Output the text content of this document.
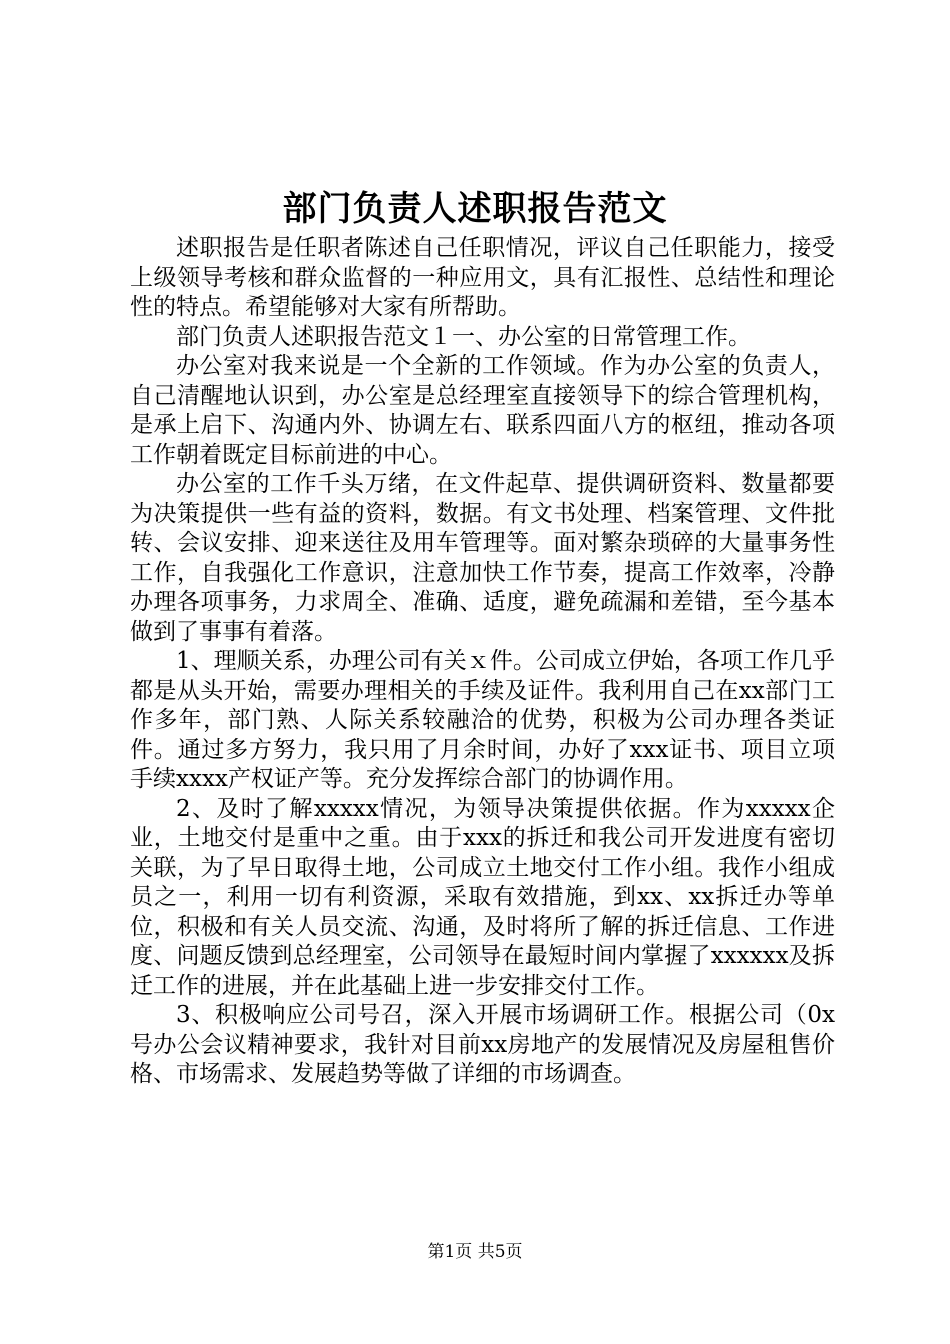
部门负责人述职报告范文

述职报告是任职者陈述自己任职情况，评议自己任职能力，接受上级领导考核和群众监督的一种应用文，具有汇报性、总结性和理论性的特点。希望能够对大家有所帮助。

部门负责人述职报告范文１一、办公室的日常管理工作。

办公室对我来说是一个全新的工作领域。作为办公室的负责人，自己清醒地认识到，办公室是总经理室直接领导下的综合管理机构，是承上启下、沟通内外、协调左右、联系四面八方的枢纽，推动各项工作朝着既定目标前进的中心。

办公室的工作千头万绪，在文件起草、提供调研资料、数量都要为决策提供一些有益的资料，数据。有文书处理、档案管理、文件批转、会议安排、迎来送往及用车管理等。面对繁杂琐碎的大量事务性工作，自我强化工作意识，注意加快工作节奏，提高工作效率，冷静办理各项事务，力求周全、准确、适度，避免疏漏和差错，至今基本做到了事事有着落。

1、理顺关系，办理公司有关ｘ件。公司成立伊始，各项工作几乎都是从头开始，需要办理相关的手续及证件。我利用自己在xx部门工作多年，部门熟、人际关系较融洽的优势，积极为公司办理各类证件。通过多方努力，我只用了月余时间，办好了xxx证书、项目立项手续xxxx产权证产等。充分发挥综合部门的协调作用。

2、及时了解xxxxx情况，为领导决策提供依据。作为xxxxx企业，土地交付是重中之重。由于xxx的拆迁和我公司开发进度有密切关联，为了早日取得土地，公司成立土地交付工作小组。我作小组成员之一，利用一切有利资源，采取有效措施，到xx、xx拆迁办等单位，积极和有关人员交流、沟通，及时将所了解的拆迁信息、工作进度、问题反馈到总经理室，公司领导在最短时间内掌握了xxxxxx及拆迁工作的进展，并在此基础上进一步安排交付工作。

3、积极响应公司号召，深入开展市场调研工作。根据公司（0x号办公会议精神要求，我针对目前xx房地产的发展情况及房屋租售价格、市场需求、发展趋势等做了详细的市场调查。

第1页 共5页
